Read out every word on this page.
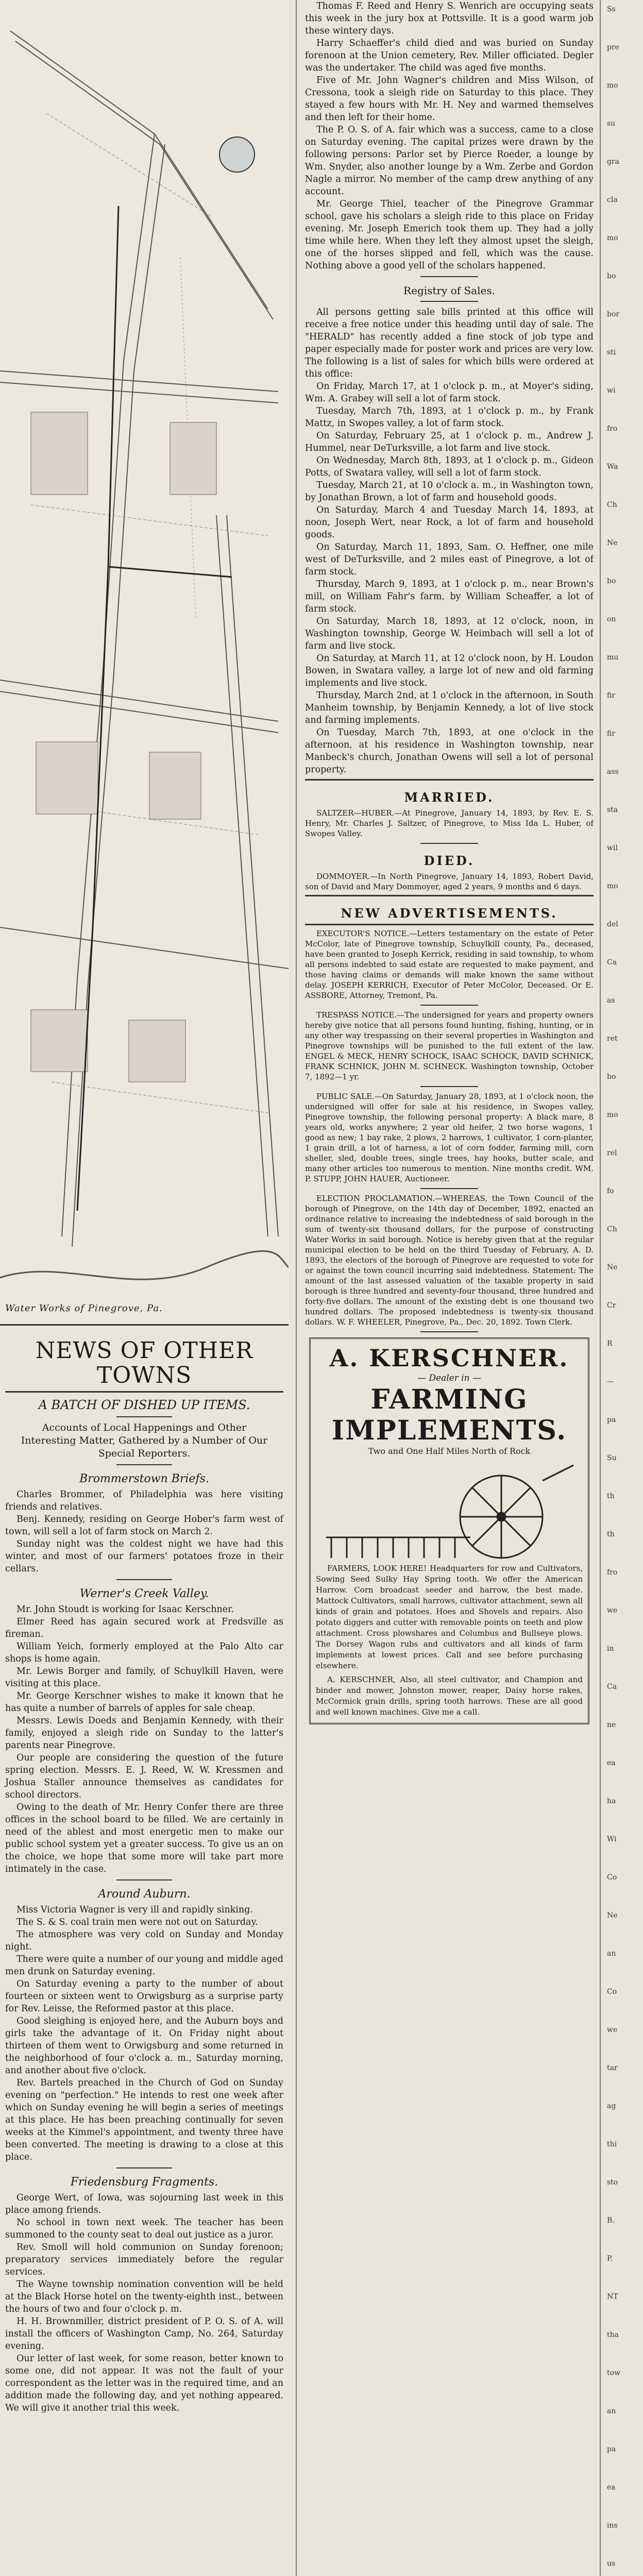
Water Works of Pinegrove, Pa.
NEWS OF OTHER TOWNS
A BATCH OF DISHED UP ITEMS.
Accounts of Local Happenings and Other Interesting Matter, Gathered by a Number of Our Special Reporters.
Brommerstown Briefs.

Charles Brommer, of Philadelphia was here visiting friends and relatives.

Benj. Kennedy, residing on George Hober's farm west of town, will sell a lot of farm stock on March 2.

Sunday night was the coldest night we have had this winter, and most of our farmers' potatoes froze in their cellars.

Werner's Creek Valley.

Mr. John Stoudt is working for Isaac Kerschner.

Elmer Reed has again secured work at Fredsville as fireman.

William Yeich, formerly employed at the Palo Alto car shops is home again.

Mr. Lewis Borger and family, of Schuylkill Haven, were visiting at this place.

Mr. George Kerschner wishes to make it known that he has quite a number of barrels of apples for sale cheap.

Messrs. Lewis Doeds and Benjamin Kennedy, with their family, enjoyed a sleigh ride on Sunday to the latter's parents near Pinegrove.

Our people are considering the question of the future spring election. Messrs. E. J. Reed, W. W. Kressmen and Joshua Staller announce themselves as candidates for school directors.

Owing to the death of Mr. Henry Confer there are three offices in the school board to be filled. We are certainly in need of the ablest and most energetic men to make our public school system yet a greater success. To give us an on the choice, we hope that some more will take part more intimately in the case.

Around Auburn.

Miss Victoria Wagner is very ill and rapidly sinking.

The S. & S. coal train men were not out on Saturday.

The atmosphere was very cold on Sunday and Monday night.

There were quite a number of our young and middle aged men drunk on Saturday evening.

On Saturday evening a party to the number of about fourteen or sixteen went to Orwigsburg as a surprise party for Rev. Leisse, the Reformed pastor at this place.

Good sleighing is enjoyed here, and the Auburn boys and girls take the advantage of it. On Friday night about thirteen of them went to Orwigsburg and some returned in the neighborhood of four o'clock a. m., Saturday morning, and another about five o'clock.

Rev. Bartels preached in the Church of God on Sunday evening on "perfection." He intends to rest one week after which on Sunday evening he will begin a series of meetings at this place. He has been preaching continually for seven weeks at the Kimmel's appointment, and twenty three have been converted. The meeting is drawing to a close at this place.

Friedensburg Fragments.

George Wert, of Iowa, was sojourning last week in this place among friends.

No school in town next week. The teacher has been summoned to the county seat to deal out justice as a juror.

Rev. Smoll will hold communion on Sunday forenoon; preparatory services immediately before the regular services.

The Wayne township nomination convention will be held at the Black Horse hotel on the twenty-eighth inst., between the hours of two and four o'clock p. m.

H. H. Brownmiller, district president of P. O. S. of A. will install the officers of Washington Camp, No. 264, Saturday evening.

Our letter of last week, for some reason, better known to some one, did not appear. It was not the fault of your correspondent as the letter was in the required time, and an addition made the following day, and yet nothing appeared. We will give it another trial this week.

Thomas F. Reed and Henry S. Wenrich are occupying seats this week in the jury box at Pottsville. It is a good warm job these wintery days.

Harry Schaeffer's child died and was buried on Sunday forenoon at the Union cemetery, Rev. Miller officiated. Degler was the undertaker. The child was aged five months.

Five of Mr. John Wagner's children and Miss Wilson, of Cressona, took a sleigh ride on Saturday to this place. They stayed a few hours with Mr. H. Ney and warmed themselves and then left for their home.

The P. O. S. of A. fair which was a success, came to a close on Saturday evening. The capital prizes were drawn by the following persons: Parlor set by Pierce Roeder, a lounge by Wm. Snyder, also another lounge by a Wm. Zerbe and Gordon Nagle a mirror. No member of the camp drew anything of any account.

Mr. George Thiel, teacher of the Pinegrove Grammar school, gave his scholars a sleigh ride to this place on Friday evening. Mr. Joseph Emerich took them up. They had a jolly time while here. When they left they almost upset the sleigh, one of the horses slipped and fell, which was the cause. Nothing above a good yell of the scholars happened.

Registry of Sales.

All persons getting sale bills printed at this office will receive a free notice under this heading until day of sale. The "HERALD" has recently added a fine stock of job type and paper especially made for poster work and prices are very low. The following is a list of sales for which bills were ordered at this office:

On Friday, March 17, at 1 o'clock p. m., at Moyer's siding, Wm. A. Grabey will sell a lot of farm stock.

Tuesday, March 7th, 1893, at 1 o'clock p. m., by Frank Mattz, in Swopes valley, a lot of farm stock.

On Saturday, February 25, at 1 o'clock p. m., Andrew J. Hummel, near DeTurksville, a lot farm and live stock.

On Wednesday, March 8th, 1893, at 1 o'clock p. m., Gideon Potts, of Swatara valley, will sell a lot of farm stock.

Tuesday, March 21, at 10 o'clock a. m., in Washington town, by Jonathan Brown, a lot of farm and household goods.

On Saturday, March 4 and Tuesday March 14, 1893, at noon, Joseph Wert, near Rock, a lot of farm and household goods.

On Saturday, March 11, 1893, Sam. O. Heffner, one mile west of DeTurksville, and 2 miles east of Pinegrove, a lot of farm stock.

Thursday, March 9, 1893, at 1 o'clock p. m., near Brown's mill, on William Fahr's farm, by William Scheaffer, a lot of farm stock.

On Saturday, March 18, 1893, at 12 o'clock, noon, in Washington township, George W. Heimbach will sell a lot of farm and live stock.

On Saturday, at March 11, at 12 o'clock noon, by H. Loudon Bowen, in Swatara valley, a large lot of new and old farming implements and live stock.

Thursday, March 2nd, at 1 o'clock in the afternoon, in South Manheim township, by Benjamin Kennedy, a lot of live stock and farming implements.

On Tuesday, March 7th, 1893, at one o'clock in the afternoon, at his residence in Washington township, near Manbeck's church, Jonathan Owens will sell a lot of personal property.

MARRIED.

SALTZER—HUBER.—At Pinegrove, January 14, 1893, by Rev. E. S. Henry, Mr. Charles J. Saltzer, of Pinegrove, to Miss Ida L. Huber, of Swopes Valley.

DIED.

DOMMOYER.—In North Pinegrove, January 14, 1893, Robert David, son of David and Mary Dommoyer, aged 2 years, 9 months and 6 days.

NEW ADVERTISEMENTS.

EXECUTOR'S NOTICE.—Letters testamentary on the estate of Peter McColor, late of Pinegrove township, Schuylkill county, Pa., deceased, have been granted to Joseph Kerrick, residing in said township, to whom all persons indebted to said estate are requested to make payment, and those having claims or demands will make known the same without delay. JOSEPH KERRICH, Executor of Peter McColor, Deceased. Or E. ASSBORE, Attorney, Tremont, Pa.

TRESPASS NOTICE.—The undersigned for years and property owners hereby give notice that all persons found hunting, fishing, hunting, or in any other way trespassing on their several properties in Washington and Pinegrove townships will be punished to the full extent of the law. ENGEL & MECK, HENRY SCHOCK, ISAAC SCHOCK, DAVID SCHNICK, FRANK SCHNICK, JOHN M. SCHNECK. Washington township, October 7, 1892—1 yr.

PUBLIC SALE.—On Saturday, January 28, 1893, at 1 o'clock noon, the undersigned will offer for sale at his residence, in Swopes valley, Pinegrove township, the following personal property: A black mare, 8 years old, works anywhere; 2 year old heifer, 2 two horse wagons, 1 good as new; 1 bay rake, 2 plows, 2 harrows, 1 cultivator, 1 corn-planter, 1 grain drill, a lot of harness, a lot of corn fodder, farming mill, corn sheller, sled, double trees, single trees, hay hooks, butter scale, and many other articles too numerous to mention. Nine months credit. WM. P. STUPP, JOHN HAUER, Auctioneer.

ELECTION PROCLAMATION.—WHEREAS, the Town Council of the borough of Pinegrove, on the 14th day of December, 1892, enacted an ordinance relative to increasing the indebtedness of said borough in the sum of twenty-six thousand dollars, for the purpose of constructing Water Works in said borough. Notice is hereby given that at the regular municipal election to be held on the third Tuesday of February, A. D. 1893, the electors of the borough of Pinegrove are requested to vote for or against the town council incurring said indebtedness. Statement: The amount of the last assessed valuation of the taxable property in said borough is three hundred and seventy-four thousand, three hundred and forty-five dollars. The amount of the existing debt is one thousand two hundred dollars. The proposed indebtedness is twenty-six thousand dollars. W. F. WHEELER, Pinegrove, Pa., Dec. 20, 1892. Town Clerk.

A. KERSCHNER.
— Dealer in —
FARMING IMPLEMENTS.
Two and One Half Miles North of Rock

FARMERS, LOOK HERE! Headquarters for row and Cultivators, Sowing Seed Sulky Hay Spring tooth. We offer the American Harrow. Corn broadcast seeder and harrow, the best made. Mattock Cultivators, small harrows, cultivator attachment, sewn all kinds of grain and potatoes. Hoes and Shovels and repairs. Also potato diggers and cutter with removable points on teeth and plow attachment. Cross plowshares and Columbus and Bullseye plows. The Dorsey Wagon rubs and cultivators and all kinds of farm implements at lowest prices. Call and see before purchasing elsewhere.

A. KERSCHNER, Also, all steel cultivator, and Champion and binder and mower, Johnston mower, reaper, Daisy horse rakes, McCormick grain drills, spring tooth harrows. These are all good and well known machines. Give me a call.

Ss
pre
mo
su
gra
cla
mo
bo
bor
sti
wi
fro
Wa
Ch
Ne
bo
on
mu
fir
fir
ass
sta
wil
mo
del
Ca
as
ret
bo
mo
rel
fo
Ch
Ne
Cr
R
—
pa
Su
th
th
fro
we
in
Ca
ne
ea
ha
Wi
Co
Ne
an
Co
we
tar
ag
thi
sto
B.
P.
NT
tha
tow
an
pa
ea
ins
us
